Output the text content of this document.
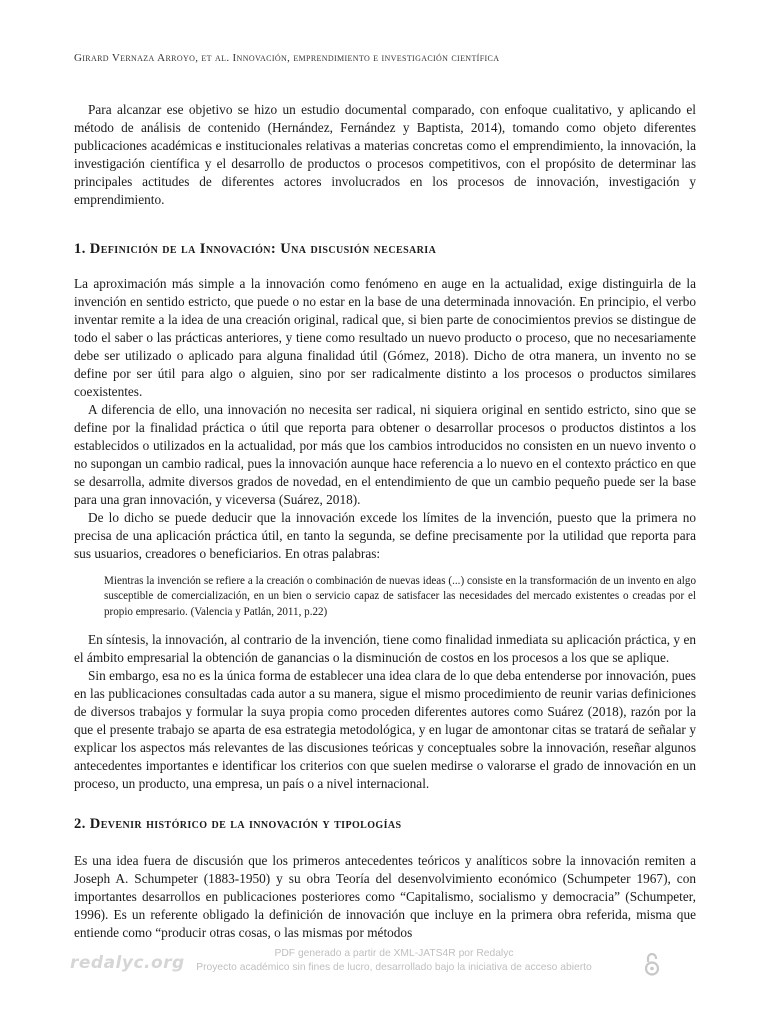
Girard Vernaza Arroyo, et al. Innovación, emprendimiento e investigación científica

Para alcanzar ese objetivo se hizo un estudio documental comparado, con enfoque cualitativo, y aplicando el método de análisis de contenido (Hernández, Fernández y Baptista, 2014), tomando como objeto diferentes publicaciones académicas e institucionales relativas a materias concretas como el emprendimiento, la innovación, la investigación científica y el desarrollo de productos o procesos competitivos, con el propósito de determinar las principales actitudes de diferentes actores involucrados en los procesos de innovación, investigación y emprendimiento.

1. Definición de la Innovación: Una discusión necesaria

La aproximación más simple a la innovación como fenómeno en auge en la actualidad, exige distinguirla de la invención en sentido estricto, que puede o no estar en la base de una determinada innovación. En principio, el verbo inventar remite a la idea de una creación original, radical que, si bien parte de conocimientos previos se distingue de todo el saber o las prácticas anteriores, y tiene como resultado un nuevo producto o proceso, que no necesariamente debe ser utilizado o aplicado para alguna finalidad útil (Gómez, 2018). Dicho de otra manera, un invento no se define por ser útil para algo o alguien, sino por ser radicalmente distinto a los procesos o productos similares coexistentes.

A diferencia de ello, una innovación no necesita ser radical, ni siquiera original en sentido estricto, sino que se define por la finalidad práctica o útil que reporta para obtener o desarrollar procesos o productos distintos a los establecidos o utilizados en la actualidad, por más que los cambios introducidos no consisten en un nuevo invento o no supongan un cambio radical, pues la innovación aunque hace referencia a lo nuevo en el contexto práctico en que se desarrolla, admite diversos grados de novedad, en el entendimiento de que un cambio pequeño puede ser la base para una gran innovación, y viceversa (Suárez, 2018).

De lo dicho se puede deducir que la innovación excede los límites de la invención, puesto que la primera no precisa de una aplicación práctica útil, en tanto la segunda, se define precisamente por la utilidad que reporta para sus usuarios, creadores o beneficiarios. En otras palabras:

Mientras la invención se refiere a la creación o combinación de nuevas ideas (...) consiste en la transformación de un invento en algo susceptible de comercialización, en un bien o servicio capaz de satisfacer las necesidades del mercado existentes o creadas por el propio empresario. (Valencia y Patlán, 2011, p.22)

En síntesis, la innovación, al contrario de la invención, tiene como finalidad inmediata su aplicación práctica, y en el ámbito empresarial la obtención de ganancias o la disminución de costos en los procesos a los que se aplique.

Sin embargo, esa no es la única forma de establecer una idea clara de lo que deba entenderse por innovación, pues en las publicaciones consultadas cada autor a su manera, sigue el mismo procedimiento de reunir varias definiciones de diversos trabajos y formular la suya propia como proceden diferentes autores como Suárez (2018), razón por la que el presente trabajo se aparta de esa estrategia metodológica, y en lugar de amontonar citas se tratará de señalar y explicar los aspectos más relevantes de las discusiones teóricas y conceptuales sobre la innovación, reseñar algunos antecedentes importantes e identificar los criterios con que suelen medirse o valorarse el grado de innovación en un proceso, un producto, una empresa, un país o a nivel internacional.

2. Devenir histórico de la innovación y tipologías

Es una idea fuera de discusión que los primeros antecedentes teóricos y analíticos sobre la innovación remiten a Joseph A. Schumpeter (1883-1950) y su obra Teoría del desenvolvimiento económico (Schumpeter 1967), con importantes desarrollos en publicaciones posteriores como “Capitalismo, socialismo y democracia” (Schumpeter, 1996). Es un referente obligado la definición de innovación que incluye en la primera obra referida, misma que entiende como “producir otras cosas, o las mismas por métodos

redalyc.org	PDF generado a partir de XML-JATS4R por Redalyc
Proyecto académico sin fines de lucro, desarrollado bajo la iniciativa de acceso abierto
